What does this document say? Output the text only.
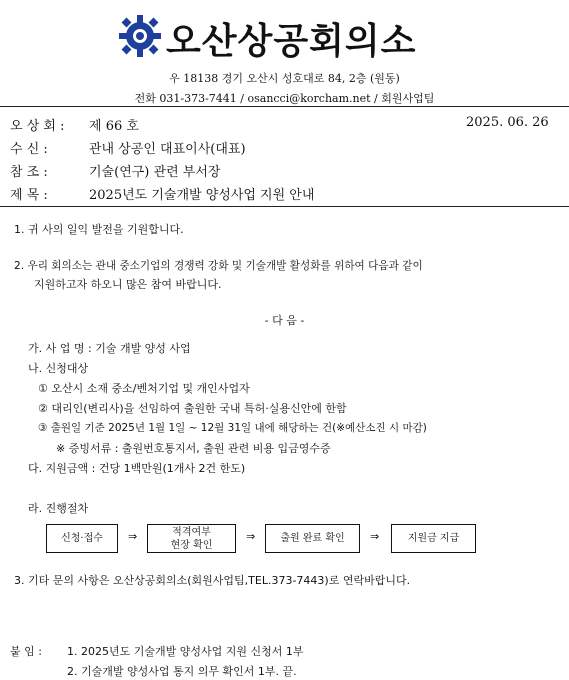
오산상공회의소
우 18138 경기 오산시 성호대로 84, 2층 (원동)
전화 031-373-7441 / osancci@korcham.net / 회원사업팀
오 상 회 : 제 66 호	2025. 06. 26
수 신 :	관내 상공인 대표이사(대표)
참 조 :	기술(연구) 관련 부서장
제 목 :	2025년도 기술개발 양성사업 지원 안내
1. 귀 사의 일익 발전을 기원합니다.
2. 우리 회의소는 관내 중소기업의 경쟁력 강화 및 기술개발 활성화를 위하여 다음과 같이
지원하고자 하오니 많은 참여 바랍니다.
- 다 음 -
가. 사 업 명 : 기술 개발 양성 사업
나. 신청대상
① 오산시 소재 중소/벤처기업 및 개인사업자
② 대리인(변리사)을 선임하여 출원한 국내 특허·실용신안에 한함
③ 출원일 기준 2025년 1월 1일 ~ 12월 31일 내에 해당하는 건(※예산소진 시 마감)
※ 증빙서류 : 출원번호통지서, 출원 관련 비용 입금영수증
다. 지원금액 : 건당 1백만원(1개사 2건 한도)
라. 진행절차
신청·접수 ⇒	적격여부
현장 확인
⇒	출원 완료 확인 ⇒	지원금 지급
3. 기타 문의 사항은 오산상공회의소(회원사업팀,TEL.373-7443)로 연락바랍니다.
붙 임 : 1. 2025년도 기술개발 양성사업 지원 신청서 1부
2. 기술개발 양성사업 통지 의무 확인서 1부. 끝.
